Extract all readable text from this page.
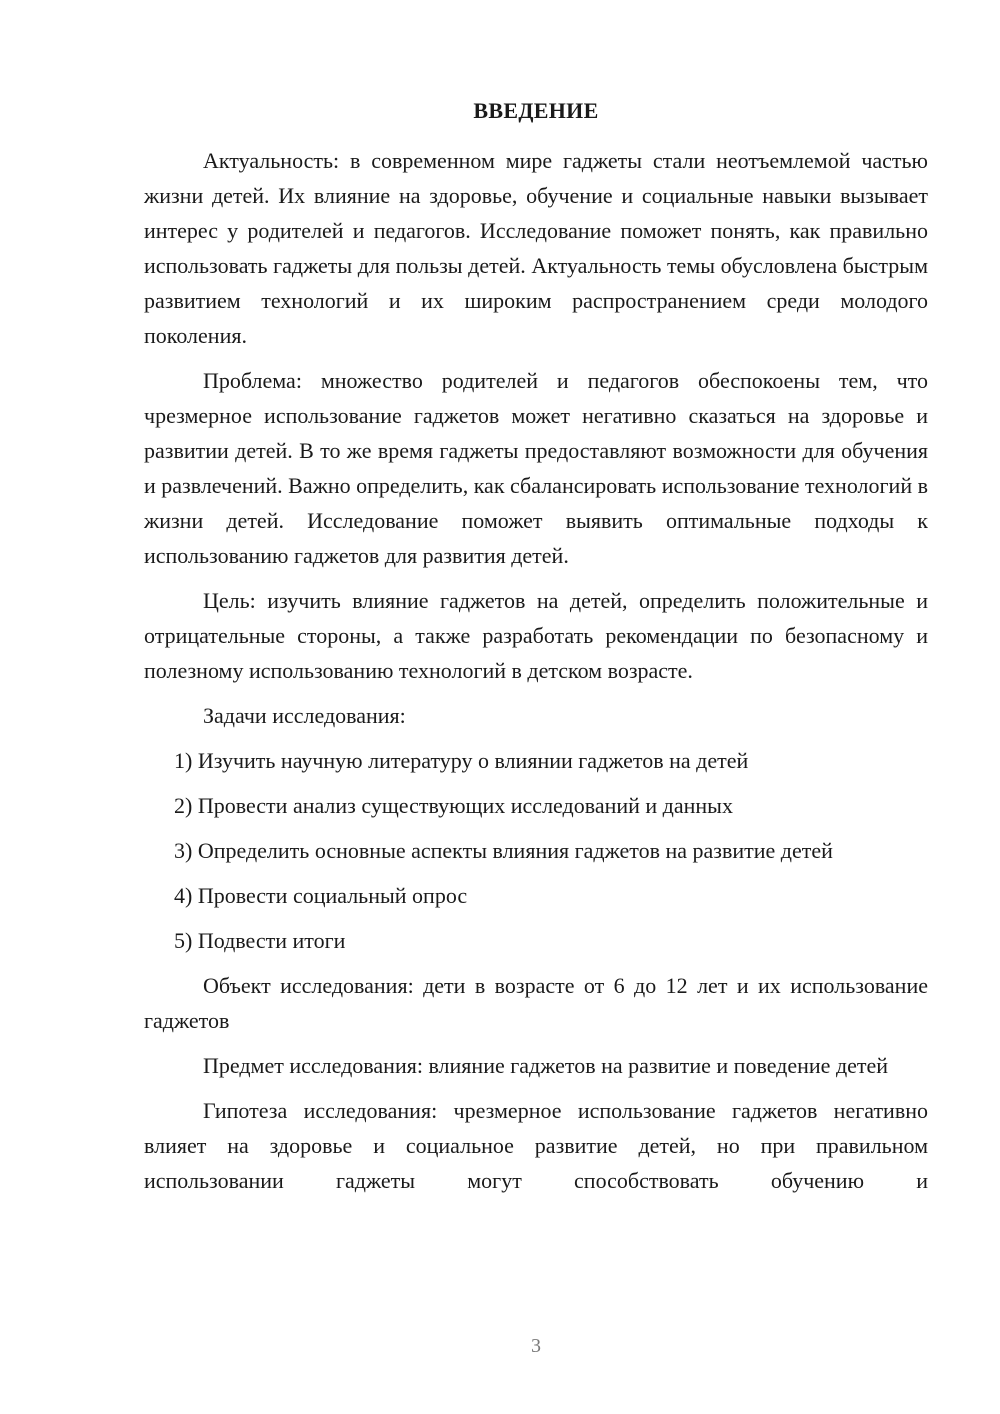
ВВЕДЕНИЕ

Актуальность: в современном мире гаджеты стали неотъемлемой частью жизни детей. Их влияние на здоровье, обучение и социальные навыки вызывает интерес у родителей и педагогов. Исследование поможет понять, как правильно использовать гаджеты для пользы детей. Актуальность темы обусловлена быстрым развитием технологий и их широким распространением среди молодого поколения.

Проблема: множество родителей и педагогов обеспокоены тем, что чрезмерное использование гаджетов может негативно сказаться на здоровье и развитии детей. В то же время гаджеты предоставляют возможности для обучения и развлечений. Важно определить, как сбалансировать использование технологий в жизни детей. Исследование поможет выявить оптимальные подходы к использованию гаджетов для развития детей.

Цель: изучить влияние гаджетов на детей, определить положительные и отрицательные стороны, а также разработать рекомендации по безопасному и полезному использованию технологий в детском возрасте.

Задачи исследования:

1) Изучить научную литературу о влиянии гаджетов на детей
2) Провести анализ существующих исследований и данных
3) Определить основные аспекты влияния гаджетов на развитие детей
4) Провести социальный опрос
5) Подвести итоги

Объект исследования: дети в возрасте от 6 до 12 лет и их использование гаджетов

Предмет исследования: влияние гаджетов на развитие и поведение детей

Гипотеза исследования: чрезмерное использование гаджетов негативно влияет на здоровье и социальное развитие детей, но при правильном использовании гаджеты могут способствовать обучению и

3
